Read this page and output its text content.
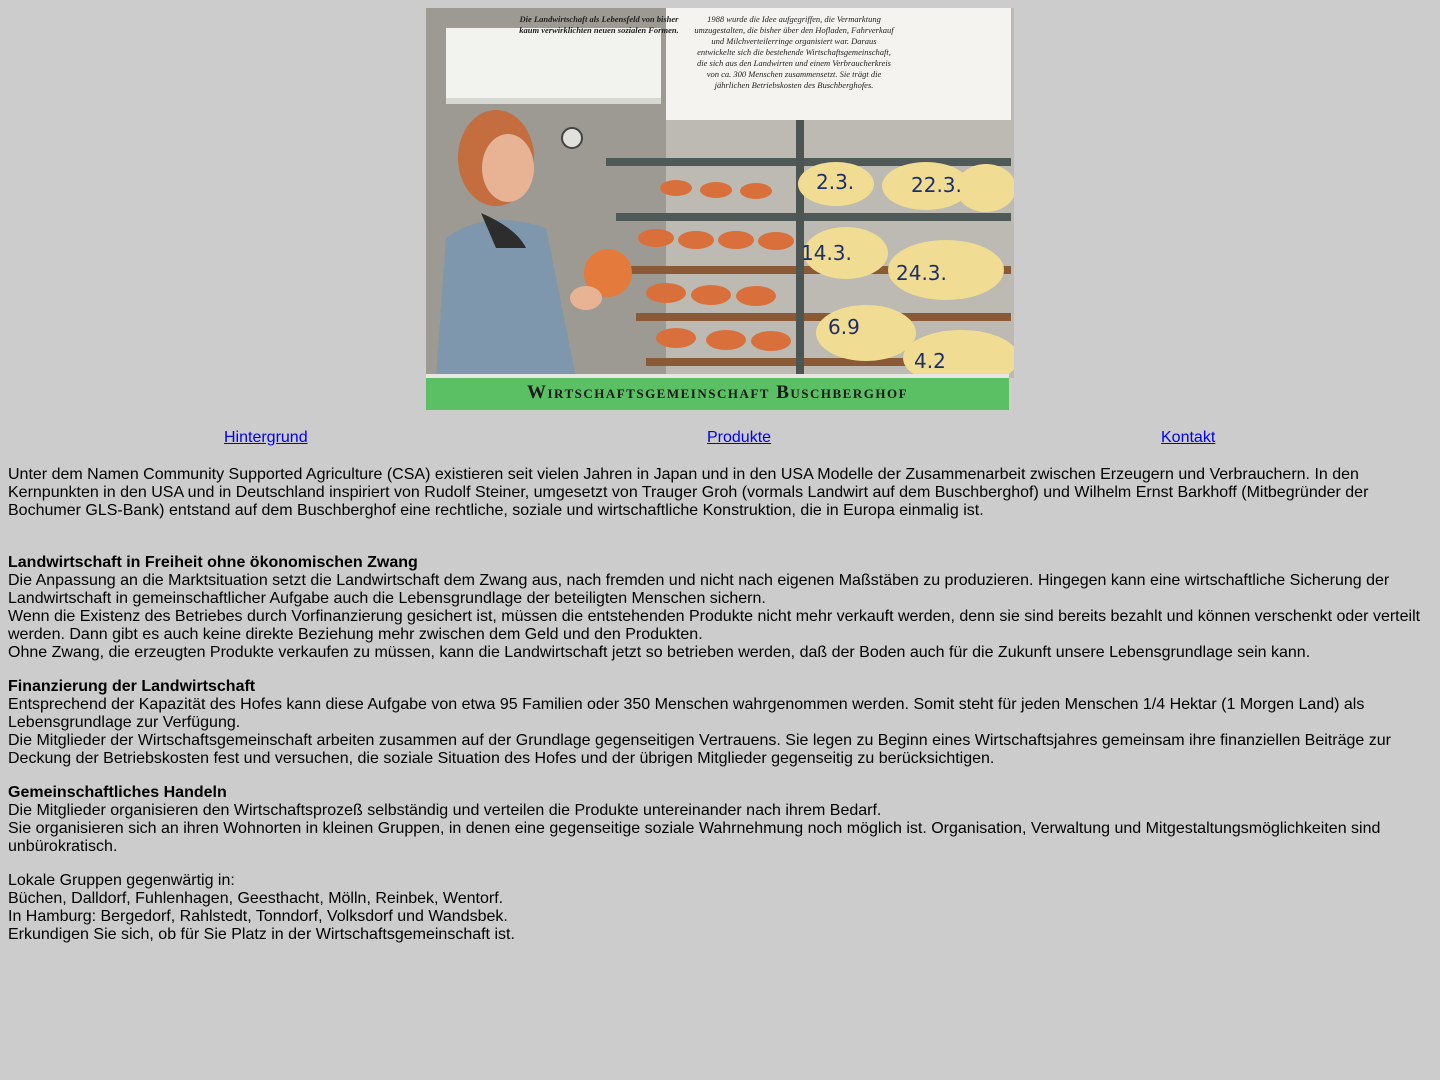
2.3.	22.3.
14.3.
24.3.
6.9
4.2
Die Landwirtschaft als Lebensfeld von bisher kaum verwirklichten neuen sozialen Formen.
1988 wurde die Idee aufgegriffen, die Vermarktung umzugestalten, die bisher über den Hofladen, Fahrverkauf und Milchverteilerringe organisiert war. Daraus entwickelte sich die bestehende Wirtschaftsgemeinschaft, die sich aus den Landwirten und einem Verbraucherkreis von ca. 300 Menschen zusammensetzt. Sie trägt die jährlichen Betriebskosten des Buschberghofes.
Wirtschaftsgemeinschaft Buschberghof
Hintergrund	Produkte	Kontakt

Unter dem Namen Community Supported Agriculture (CSA) existieren seit vielen Jahren in Japan und in den USA Modelle der Zusammenarbeit zwischen Erzeugern und Verbrauchern. In den Kernpunkten in den USA und in Deutschland inspiriert von Rudolf Steiner, umgesetzt von Trauger Groh (vormals Landwirt auf dem Buschberghof) und Wilhelm Ernst Barkhoff (Mitbegründer der Bochumer GLS-Bank) entstand auf dem Buschberghof eine rechtliche, soziale und wirtschaftliche Konstruktion, die in Europa einmalig ist.

Landwirtschaft in Freiheit ohne ökonomischen Zwang

Die Anpassung an die Marktsituation setzt die Landwirtschaft dem Zwang aus, nach fremden und nicht nach eigenen Maßstäben zu produzieren. Hingegen kann eine wirtschaftliche Sicherung der Landwirtschaft in gemeinschaftlicher Aufgabe auch die Lebensgrundlage der beteiligten Menschen sichern.

Wenn die Existenz des Betriebes durch Vorfinanzierung gesichert ist, müssen die entstehenden Produkte nicht mehr verkauft werden, denn sie sind bereits bezahlt und können verschenkt oder verteilt werden. Dann gibt es auch keine direkte Beziehung mehr zwischen dem Geld und den Produkten.

Ohne Zwang, die erzeugten Produkte verkaufen zu müssen, kann die Landwirtschaft jetzt so betrieben werden, daß der Boden auch für die Zukunft unsere Lebensgrundlage sein kann.

Finanzierung der Landwirtschaft

Entsprechend der Kapazität des Hofes kann diese Aufgabe von etwa 95 Familien oder 350 Menschen wahrgenommen werden. Somit steht für jeden Menschen 1/4 Hektar (1 Morgen Land) als Lebensgrundlage zur Verfügung.

Die Mitglieder der Wirtschaftsgemeinschaft arbeiten zusammen auf der Grundlage gegenseitigen Vertrauens. Sie legen zu Beginn eines Wirtschaftsjahres gemeinsam ihre finanziellen Beiträge zur Deckung der Betriebskosten fest und versuchen, die soziale Situation des Hofes und der übrigen Mitglieder gegenseitig zu berücksichtigen.

Gemeinschaftliches Handeln

Die Mitglieder organisieren den Wirtschaftsprozeß selbständig und verteilen die Produkte untereinander nach ihrem Bedarf.

Sie organisieren sich an ihren Wohnorten in kleinen Gruppen, in denen eine gegenseitige soziale Wahrnehmung noch möglich ist. Organisation, Verwaltung und Mitgestaltungsmöglichkeiten sind unbürokratisch.

Lokale Gruppen gegenwärtig in:

Büchen, Dalldorf, Fuhlenhagen, Geesthacht, Mölln, Reinbek, Wentorf.

In Hamburg: Bergedorf, Rahlstedt, Tonndorf, Volksdorf und Wandsbek.

Erkundigen Sie sich, ob für Sie Platz in der Wirtschaftsgemeinschaft ist.
